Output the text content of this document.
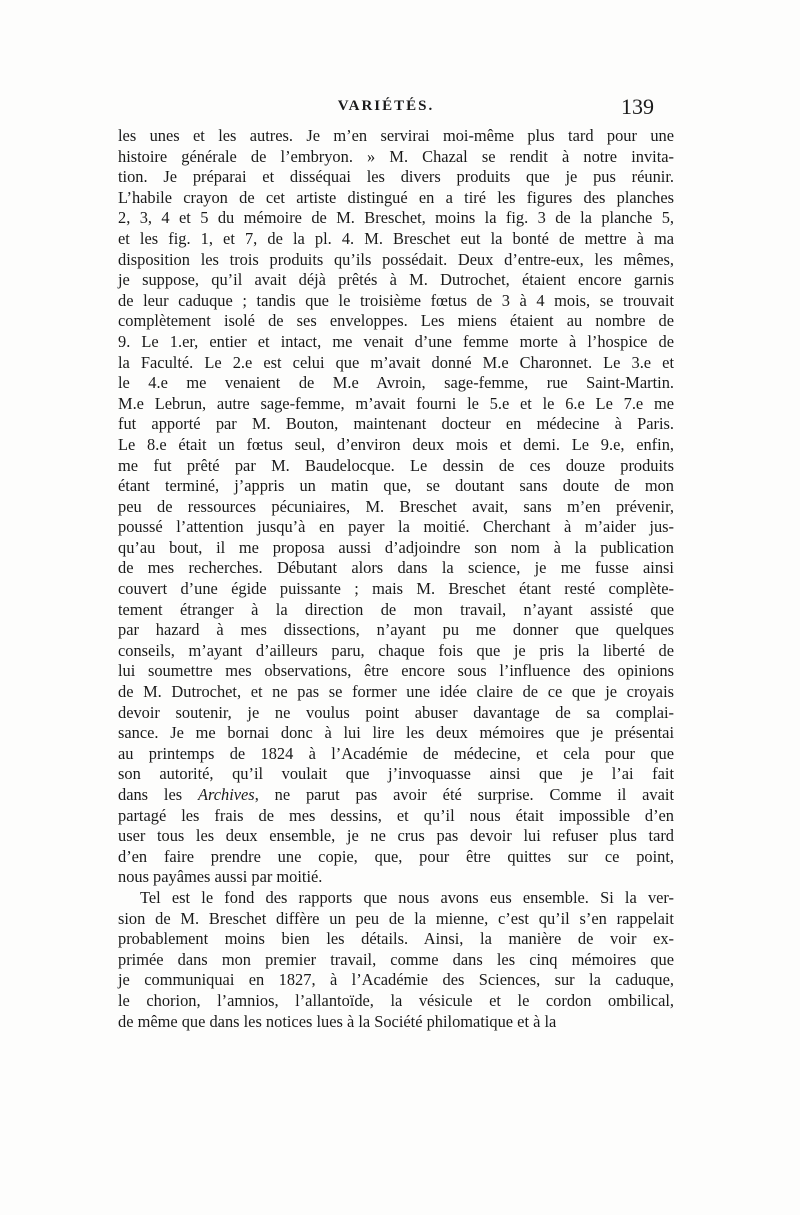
VARIÉTÉS.	139
les unes et les autres. Je m’en servirai moi-même plus tard pour une
histoire générale de l’embryon. » M. Chazal se rendit à notre invita-
tion. Je préparai et disséquai les divers produits que je pus réunir.
L’habile crayon de cet artiste distingué en a tiré les figures des planches
2, 3, 4 et 5 du mémoire de M. Breschet, moins la fig. 3 de la planche 5,
et les fig. 1, et 7, de la pl. 4. M. Breschet eut la bonté de mettre à ma
disposition les trois produits qu’ils possédait. Deux d’entre-eux, les mêmes,
je suppose, qu’il avait déjà prêtés à M. Dutrochet, étaient encore garnis
de leur caduque ; tandis que le troisième fœtus de 3 à 4 mois, se trouvait
complètement isolé de ses enveloppes. Les miens étaient au nombre de
9. Le 1.er, entier et intact, me venait d’une femme morte à l’hospice de
la Faculté. Le 2.e est celui que m’avait donné M.e Charonnet. Le 3.e et
le 4.e me venaient de M.e Avroin, sage-femme, rue Saint-Martin.
M.e Lebrun, autre sage-femme, m’avait fourni le 5.e et le 6.e Le 7.e me
fut apporté par M. Bouton, maintenant docteur en médecine à Paris.
Le 8.e était un fœtus seul, d’environ deux mois et demi. Le 9.e, enfin,
me fut prêté par M. Baudelocque. Le dessin de ces douze produits
étant terminé, j’appris un matin que, se doutant sans doute de mon
peu de ressources pécuniaires, M. Breschet avait, sans m’en prévenir,
poussé l’attention jusqu’à en payer la moitié. Cherchant à m’aider jus-
qu’au bout, il me proposa aussi d’adjoindre son nom à la publication
de mes recherches. Débutant alors dans la science, je me fusse ainsi
couvert d’une égide puissante ; mais M. Breschet étant resté complète-
tement étranger à la direction de mon travail, n’ayant assisté que
par hazard à mes dissections, n’ayant pu me donner que quelques
conseils, m’ayant d’ailleurs paru, chaque fois que je pris la liberté de
lui soumettre mes observations, être encore sous l’influence des opinions
de M. Dutrochet, et ne pas se former une idée claire de ce que je croyais
devoir soutenir, je ne voulus point abuser davantage de sa complai-
sance. Je me bornai donc à lui lire les deux mémoires que je présentai
au printemps de 1824 à l’Académie de médecine, et cela pour que
son autorité, qu’il voulait que j’invoquasse ainsi que je l’ai fait
dans les Archives, ne parut pas avoir été surprise. Comme il avait
partagé les frais de mes dessins, et qu’il nous était impossible d’en
user tous les deux ensemble, je ne crus pas devoir lui refuser plus tard
d’en faire prendre une copie, que, pour être quittes sur ce point,
nous payâmes aussi par moitié.
Tel est le fond des rapports que nous avons eus ensemble. Si la ver-
sion de M. Breschet diffère un peu de la mienne, c’est qu’il s’en rappelait
probablement moins bien les détails. Ainsi, la manière de voir ex-
primée dans mon premier travail, comme dans les cinq mémoires que
je communiquai en 1827, à l’Académie des Sciences, sur la caduque,
le chorion, l’amnios, l’allantoïde, la vésicule et le cordon ombilical,
de même que dans les notices lues à la Société philomatique et à la
